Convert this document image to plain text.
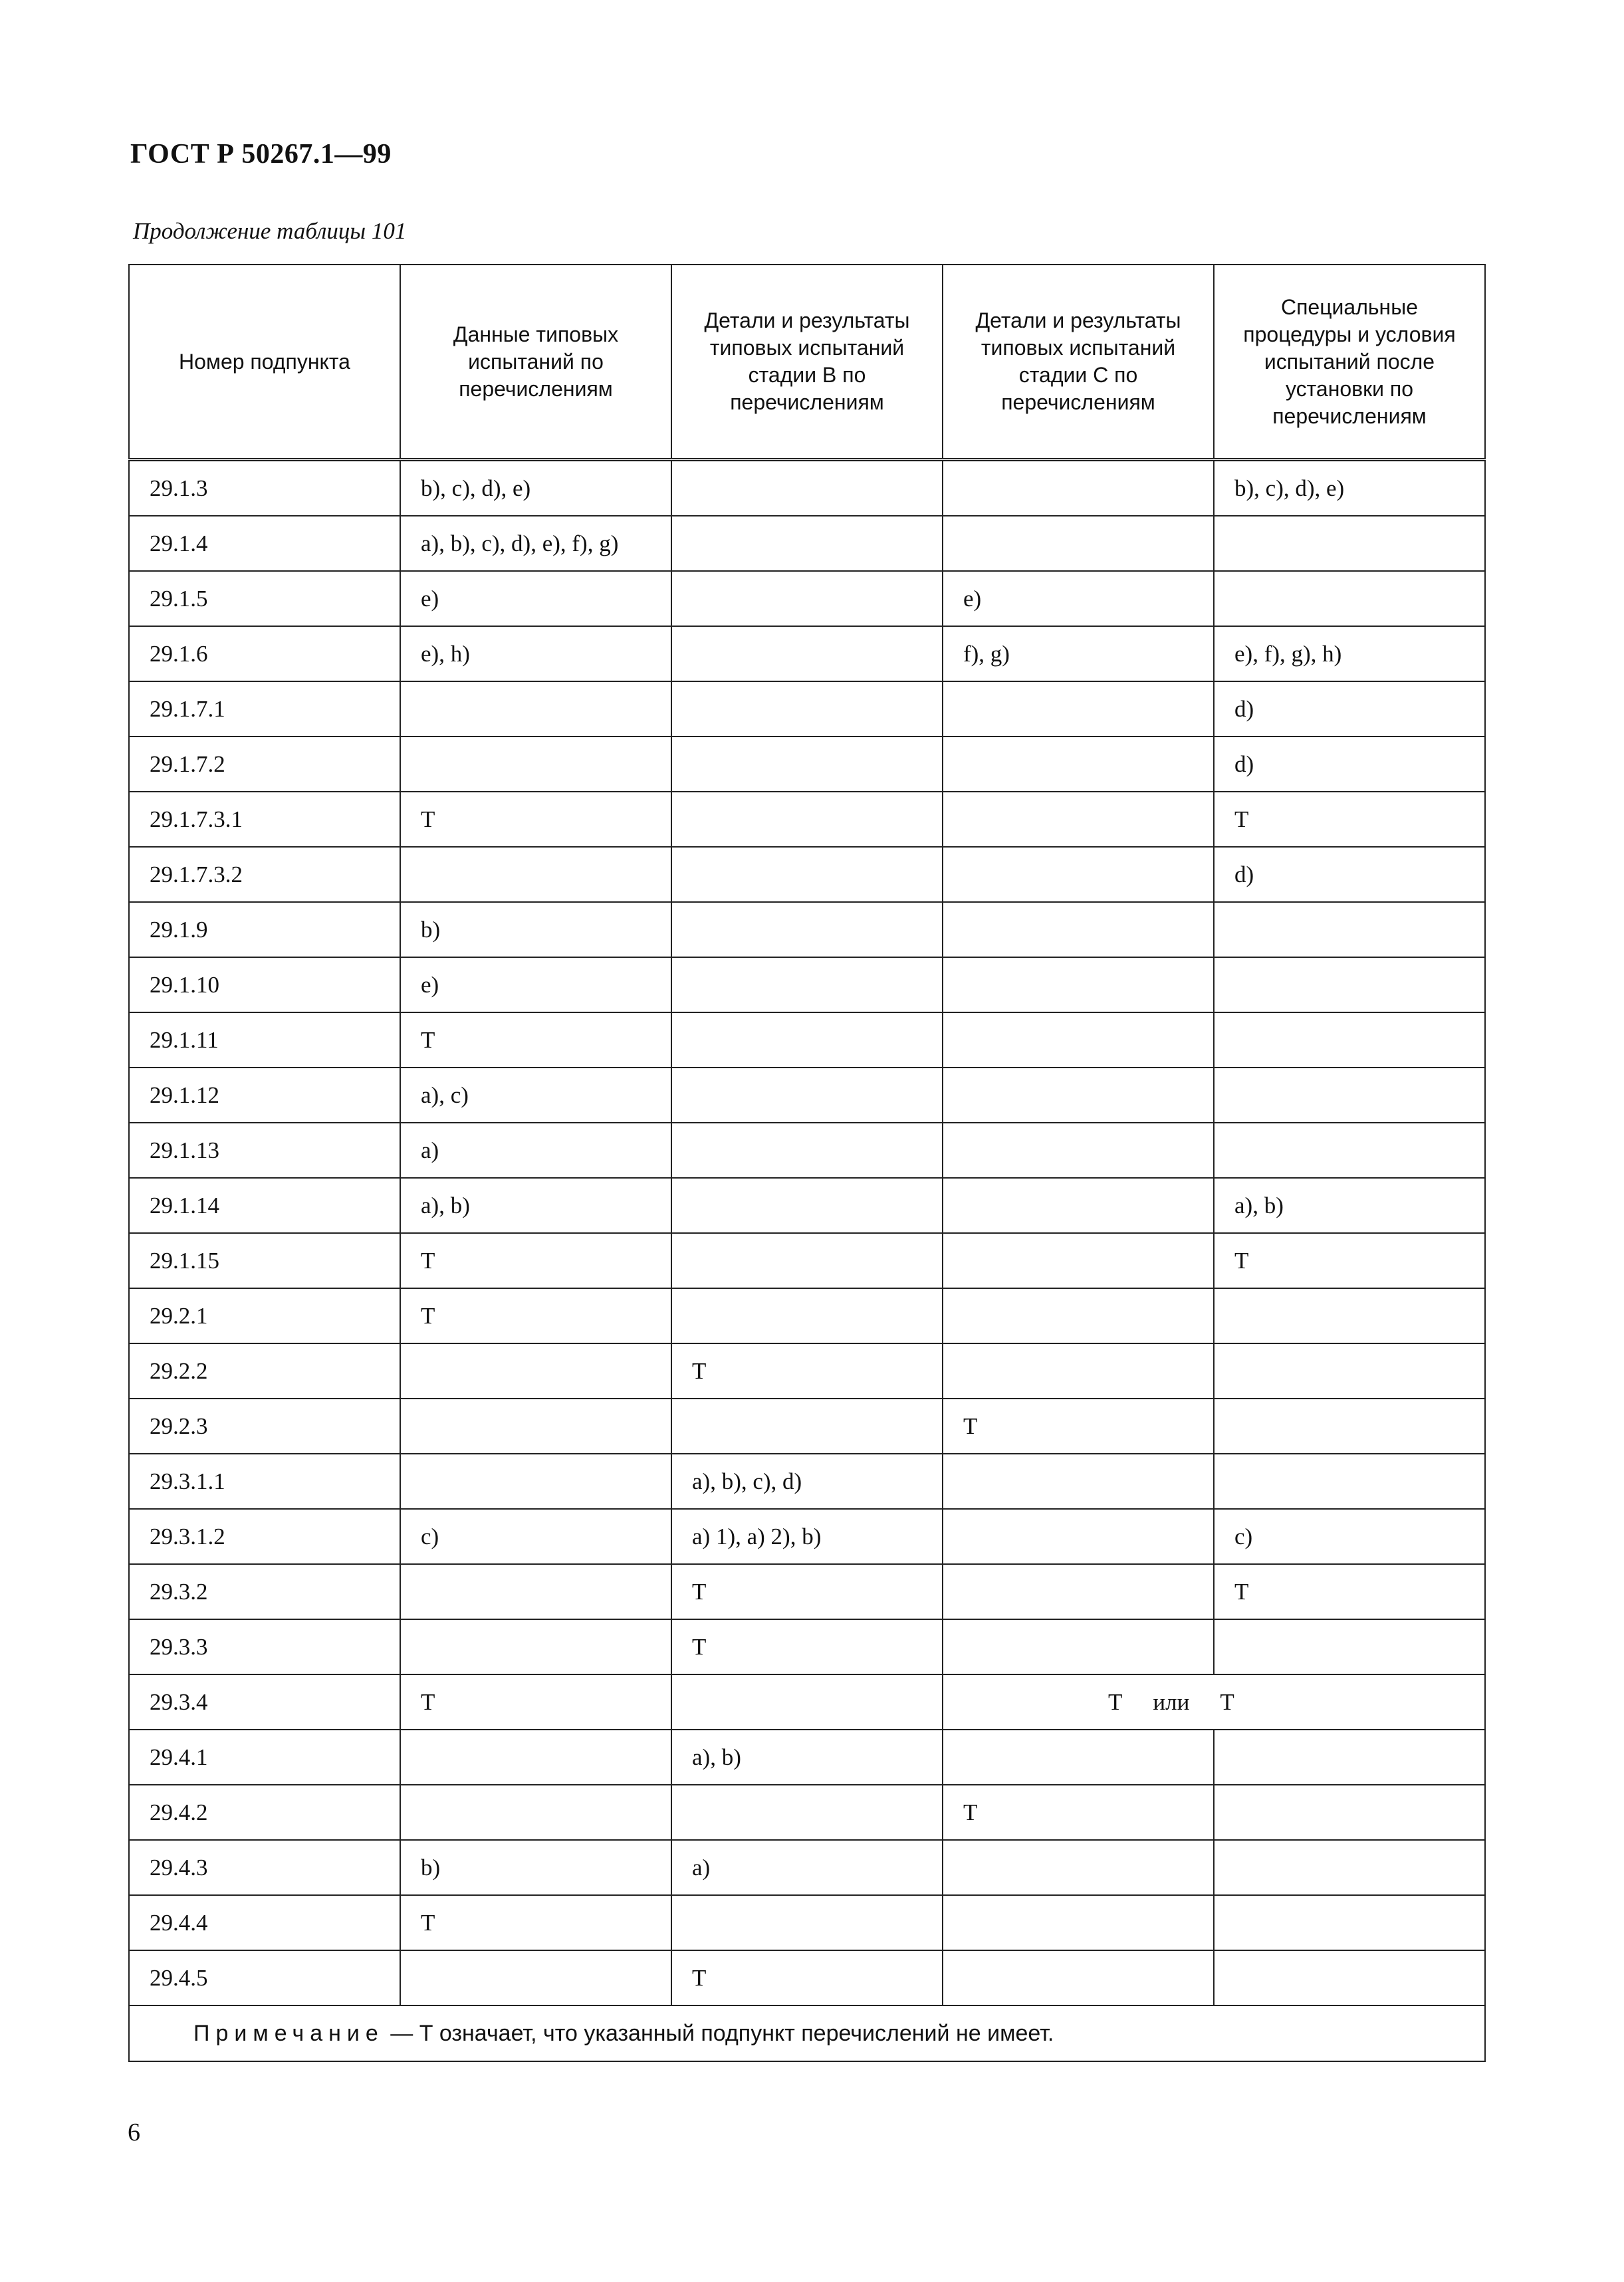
ГОСТ Р 50267.1—99
Продолжение таблицы 101
Номер подпункта	Данные типовых испытаний по перечислениям	Детали и результаты типовых испытаний стадии В по перечислениям	Детали и результаты типовых испытаний стадии С по перечислениям	Специальные процедуры и условия испытаний после установки по перечислениям
29.1.3	b), c), d), e)			b), c), d), e)
29.1.4	a), b), c), d), e), f), g)			
29.1.5	e)		e)	
29.1.6	e), h)		f), g)	e), f), g), h)
29.1.7.1				d)
29.1.7.2				d)
29.1.7.3.1	T			T
29.1.7.3.2				d)
29.1.9	b)			
29.1.10	e)			
29.1.11	T			
29.1.12	a), c)			
29.1.13	a)			
29.1.14	a), b)			a), b)
29.1.15	T			T
29.2.1	T			
29.2.2		T		
29.2.3			T	
29.3.1.1		a), b), c), d)		
29.3.1.2	c)	a) 1), a) 2), b)		c)
29.3.2		T		T
29.3.3		T		
29.3.4	T		T или T	
29.4.1		a), b)		
29.4.2			T	
29.4.3	b)	a)		
29.4.4	T			
29.4.5		T		
Примечание — Т означает, что указанный подпункт перечислений не имеет.				
6
